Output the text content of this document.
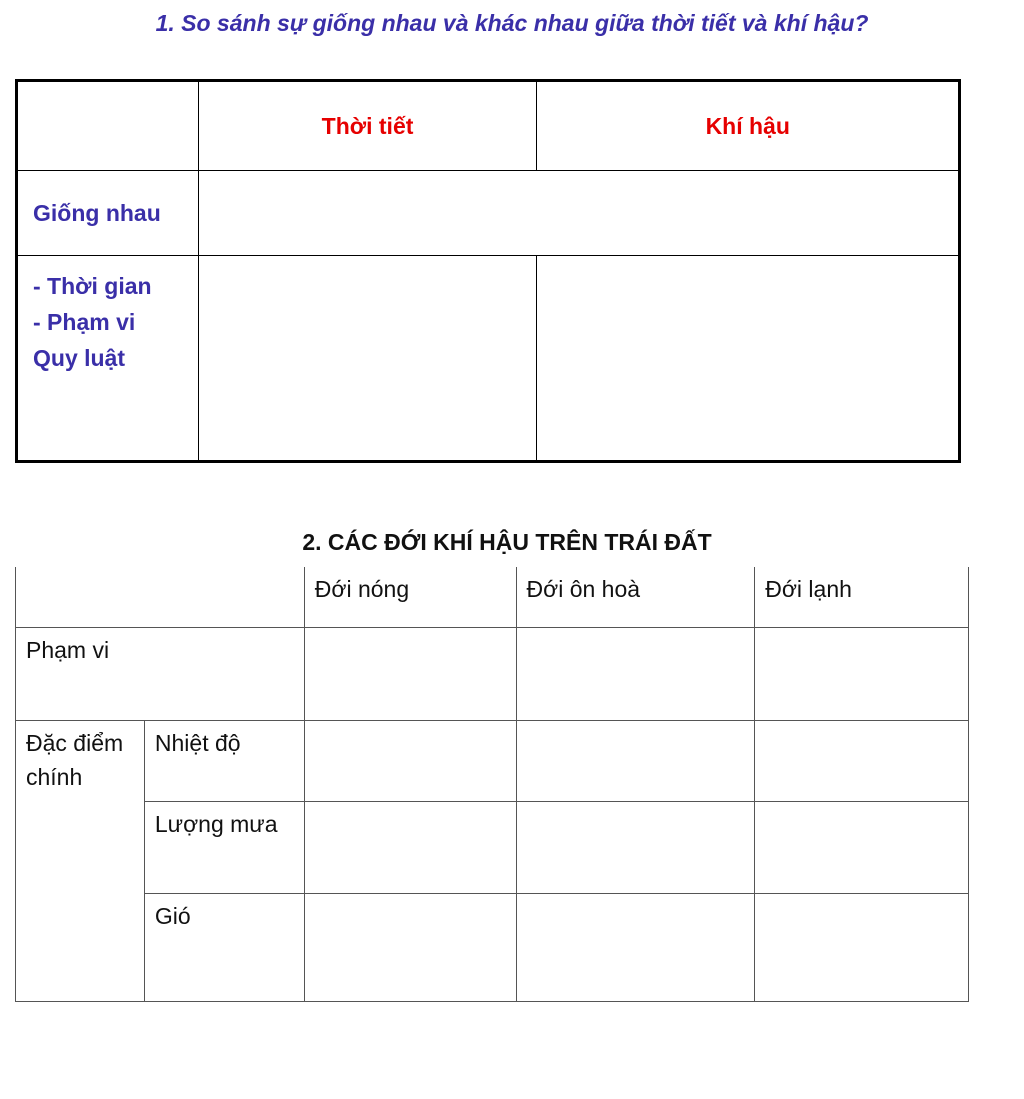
1. So sánh sự giống nhau và khác nhau giữa thời tiết và khí hậu?
	Thời tiết	Khí hậu
Giống nhau		

- Thời gian
- Phạm vi
Quy luật		

2. CÁC ĐỚI KHÍ HẬU TRÊN TRÁI ĐẤT
		Đới nóng	Đới ôn hoà	Đới lạnh
Phạm vi				
Đặc điểm chính	Nhiệt độ			
	Lượng mưa			
	Gió			
